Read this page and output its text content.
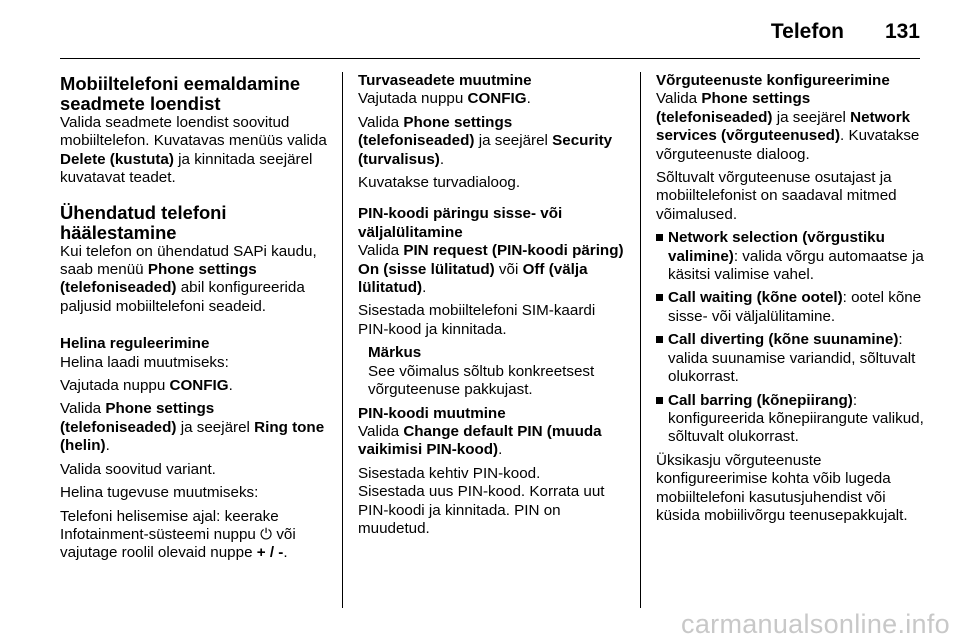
Telefon 131
Mobiiltelefoni eemaldamine seadmete loendist

Valida seadmete loendist soovitud mobiiltelefon. Kuvatavas menüüs valida Delete (kustuta) ja kinnitada seejärel kuvatavat teadet.

Ühendatud telefoni häälestamine

Kui telefon on ühendatud SAPi kaudu, saab menüü Phone settings (telefoniseaded) abil konfigureerida paljusid mobiiltelefoni seadeid.

Helina reguleerimine

Helina laadi muutmiseks:

Vajutada nuppu CONFIG.

Valida Phone settings (telefoniseaded) ja seejärel Ring tone (helin).

Valida soovitud variant.

Helina tugevuse muutmiseks:

Telefoni helisemise ajal: keerake Infotainment-süsteemi nuppu ⏻ või vajutage roolil olevaid nuppe + / -.

Turvaseadete muutmine

Vajutada nuppu CONFIG.

Valida Phone settings (telefoniseaded) ja seejärel Security (turvalisus).

Kuvatakse turvadialoog.

PIN-koodi päringu sisse- või väljalülitamine

Valida PIN request (PIN-koodi päring) On (sisse lülitatud) või Off (välja lülitatud).

Sisestada mobiiltelefoni SIM-kaardi PIN-kood ja kinnitada.

Märkus
See võimalus sõltub konkreetsest võrguteenuse pakkujast.
PIN-koodi muutmine

Valida Change default PIN (muuda vaikimisi PIN-kood).

Sisestada kehtiv PIN-kood.

Sisestada uus PIN-kood. Korrata uut PIN-koodi ja kinnitada. PIN on muudetud.

Võrguteenuste konfigureerimine

Valida Phone settings (telefoniseaded) ja seejärel Network services (võrguteenused). Kuvatakse võrguteenuste dialoog.

Sõltuvalt võrguteenuse osutajast ja mobiiltelefonist on saadaval mitmed võimalused.

Network selection (võrgustiku valimine): valida võrgu automaatse ja käsitsi valimise vahel.
Call waiting (kõne ootel): ootel kõne sisse- või väljalülitamine.
Call diverting (kõne suunamine): valida suunamise variandid, sõltuvalt olukorrast.
Call barring (kõnepiirang): konfigureerida kõnepiirangute valikud, sõltuvalt olukorrast.

Üksikasju võrguteenuste konfigureerimise kohta võib lugeda mobiiltelefoni kasutusjuhendist või küsida mobiilivõrgu teenusepakkujalt.

carmanualsonline.info
